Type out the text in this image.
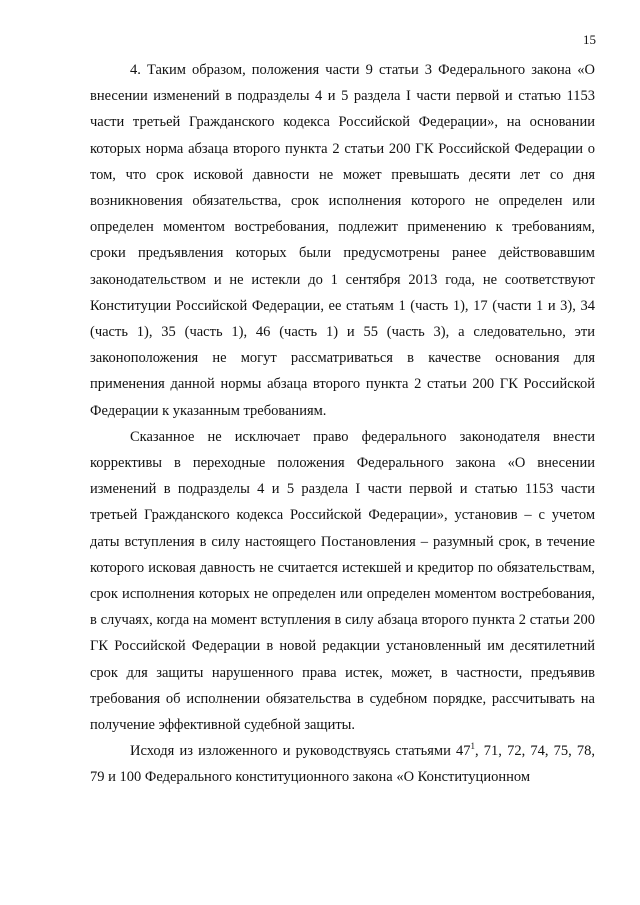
15

4. Таким образом, положения части 9 статьи 3 Федерального закона «О внесении изменений в подразделы 4 и 5 раздела I части первой и статью 1153 части третьей Гражданского кодекса Российской Федерации», на основании которых норма абзаца второго пункта 2 статьи 200 ГК Российской Федерации о том, что срок исковой давности не может превышать десяти лет со дня возникновения обязательства, срок исполнения которого не определен или определен моментом востребования, подлежит применению к требованиям, сроки предъявления которых были предусмотрены ранее действовавшим законодательством и не истекли до 1 сентября 2013 года, не соответствуют Конституции Российской Федерации, ее статьям 1 (часть 1), 17 (части 1 и 3), 34 (часть 1), 35 (часть 1), 46 (часть 1) и 55 (часть 3), а следовательно, эти законоположения не могут рассматриваться в качестве основания для применения данной нормы абзаца второго пункта 2 статьи 200 ГК Российской Федерации к указанным требованиям.

Сказанное не исключает право федерального законодателя внести коррективы в переходные положения Федерального закона «О внесении изменений в подразделы 4 и 5 раздела I части первой и статью 1153 части третьей Гражданского кодекса Российской Федерации», установив – с учетом даты вступления в силу настоящего Постановления – разумный срок, в течение которого исковая давность не считается истекшей и кредитор по обязательствам, срок исполнения которых не определен или определен моментом востребования, в случаях, когда на момент вступления в силу абзаца второго пункта 2 статьи 200 ГК Российской Федерации в новой редакции установленный им десятилетний срок для защиты нарушенного права истек, может, в частности, предъявив требования об исполнении обязательства в судебном порядке, рассчитывать на получение эффективной судебной защиты.

Исходя из изложенного и руководствуясь статьями $47^1$, 71, 72, 74, 75, 78, 79 и 100 Федерального конституционного закона «О Конституционном
